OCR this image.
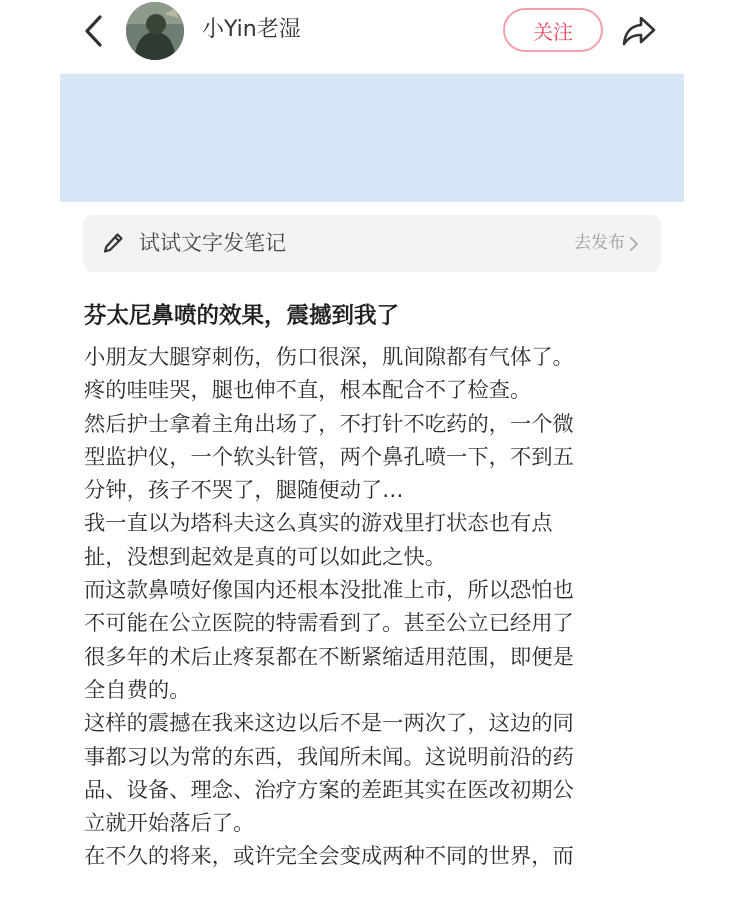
小Yin老湿	关注
试试文字发笔记	去发布
芬太尼鼻喷的效果，震撼到我了
小朋友大腿穿刺伤，伤口很深，肌间隙都有气体了。
疼的哇哇哭，腿也伸不直，根本配合不了检查。
然后护士拿着主角出场了，不打针不吃药的，一个微
型监护仪，一个软头针管，两个鼻孔喷一下，不到五
分钟，孩子不哭了，腿随便动了…
我一直以为塔科夫这么真实的游戏里打状态也有点
扯，没想到起效是真的可以如此之快。
而这款鼻喷好像国内还根本没批准上市，所以恐怕也
不可能在公立医院的特需看到了。甚至公立已经用了
很多年的术后止疼泵都在不断紧缩适用范围，即便是
全自费的。
这样的震撼在我来这边以后不是一两次了，这边的同
事都习以为常的东西，我闻所未闻。这说明前沿的药
品、设备、理念、治疗方案的差距其实在医改初期公
立就开始落后了。
在不久的将来，或许完全会变成两种不同的世界，而
